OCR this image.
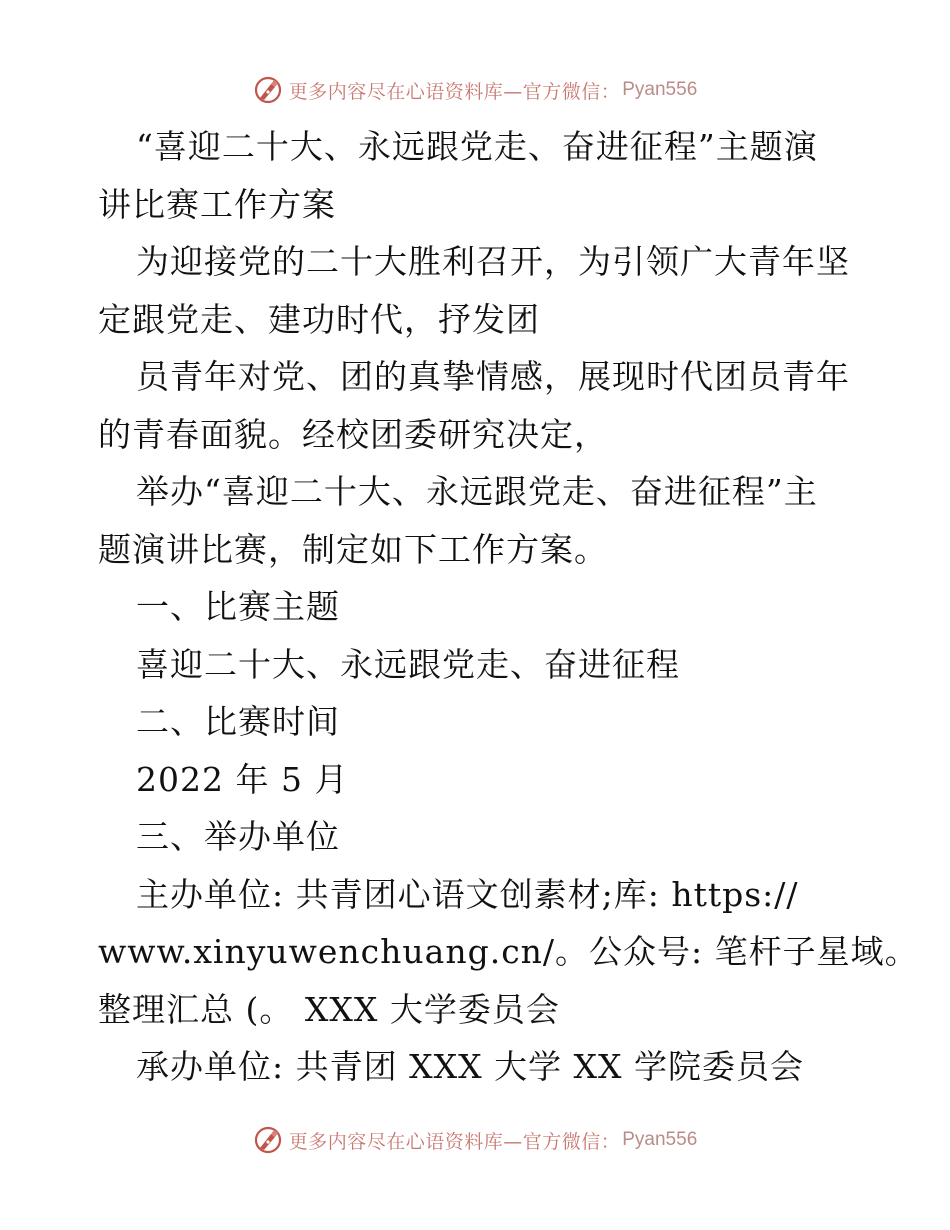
更多内容尽在心语资料库—官方微信： Pyan556
“喜迎二十大、永远跟党走、奋进征程”主题演
讲比赛工作方案
为迎接党的二十大胜利召开，为引领广大青年坚
定跟党走、建功时代，抒发团
员青年对党、团的真挚情感，展现时代团员青年
的青春面貌。经校团委研究决定，
举办“喜迎二十大、永远跟党走、奋进征程”主
题演讲比赛，制定如下工作方案。
一、比赛主题
喜迎二十大、永远跟党走、奋进征程
二、比赛时间
2022 年 5 月
三、举办单位
主办单位: 共青团心语文创素材;库: https://
www.xinyuwenchuang.cn/。公众号: 笔杆子星域。
整理汇总 (。 XXX 大学委员会
承办单位: 共青团 XXX 大学 XX 学院委员会
更多内容尽在心语资料库—官方微信： Pyan556
